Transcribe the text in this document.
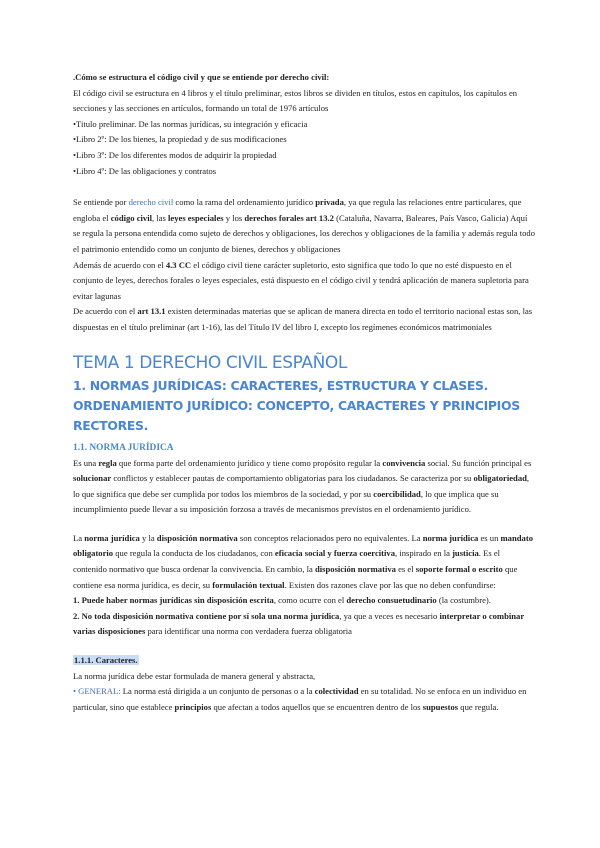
.Cómo se estructura el código civil y que se entiende por derecho civil:

El código civil se estructura en 4 libros y el título preliminar, estos libros se dividen en títulos, estos en capítulos, los capítulos en secciones y las secciones en artículos, formando un total de 1976 artículos

•Titulo preliminar. De las normas jurídicas, su integración y eficacia

•Libro 2º: De los bienes, la propiedad y de sus modificaciones

•Libro 3º: De los diferentes modos de adquirir la propiedad

•Libro 4º: De las obligaciones y contratos

Se entiende por derecho civil como la rama del ordenamiento jurídico privada, ya que regula las relaciones entre particulares, que engloba el código civil, las leyes especiales y los derechos forales art 13.2 (Cataluña, Navarra, Baleares, País Vasco, Galicia) Aquí se regula la persona entendida como sujeto de derechos y obligaciones, los derechos y obligaciones de la familia y además regula todo el patrimonio entendido como un conjunto de bienes, derechos y obligaciones

Además de acuerdo con el 4.3 CC el código civil tiene carácter supletorio, esto significa que todo lo que no esté dispuesto en el conjunto de leyes, derechos forales o leyes especiales, está dispuesto en el código civil y tendrá aplicación de manera supletoria para evitar lagunas

De acuerdo con el art 13.1 existen determinadas materias que se aplican de manera directa en todo el territorio nacional estas son, las dispuestas en el título preliminar (art 1-16), las del Título IV del libro I, excepto los regímenes económicos matrimoniales

TEMA 1 DERECHO CIVIL ESPAÑOL
1. NORMAS JURÍDICAS: CARACTERES, ESTRUCTURA Y CLASES. ORDENAMIENTO JURÍDICO: CONCEPTO, CARACTERES Y PRINCIPIOS RECTORES.

1.1. NORMA JURÍDICA

Es una regla que forma parte del ordenamiento jurídico y tiene como propósito regular la convivencia social. Su función principal es solucionar conflictos y establecer pautas de comportamiento obligatorias para los ciudadanos. Se caracteriza por su obligatoriedad, lo que significa que debe ser cumplida por todos los miembros de la sociedad, y por su coercibilidad, lo que implica que su incumplimiento puede llevar a su imposición forzosa a través de mecanismos previstos en el ordenamiento jurídico.

La norma jurídica y la disposición normativa son conceptos relacionados pero no equivalentes. La norma jurídica es un mandato obligatorio que regula la conducta de los ciudadanos, con eficacia social y fuerza coercitiva, inspirado en la justicia. Es el contenido normativo que busca ordenar la convivencia. En cambio, la disposición normativa es el soporte formal o escrito que contiene esa norma jurídica, es decir, su formulación textual. Existen dos razones clave por las que no deben confundirse:

1. Puede haber normas jurídicas sin disposición escrita, como ocurre con el derecho consuetudinario (la costumbre).

2. No toda disposición normativa contiene por sí sola una norma jurídica, ya que a veces es necesario interpretar o combinar varias disposiciones para identificar una norma con verdadera fuerza obligatoria

1.1.1. Caracteres.

La norma jurídica debe estar formulada de manera general y abstracta,

• GENERAL: La norma está dirigida a un conjunto de personas o a la colectividad en su totalidad. No se enfoca en un individuo en particular, sino que establece principios que afectan a todos aquellos que se encuentren dentro de los supuestos que regula.
